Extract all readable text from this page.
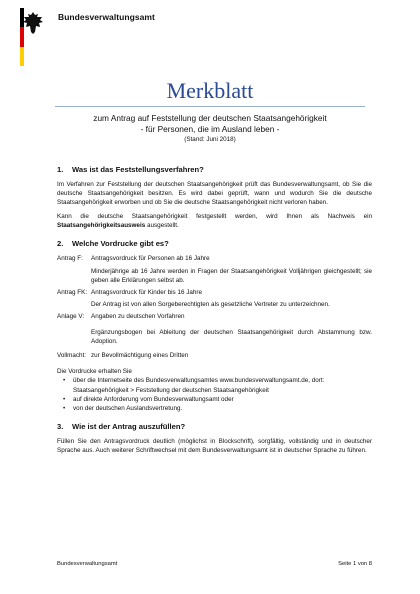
Bundesverwaltungsamt
Merkblatt
zum Antrag auf Feststellung der deutschen Staatsangehörigkeit
- für Personen, die im Ausland leben -
(Stand: Juni 2018)
1. Was ist das Feststellungsverfahren?

Im Verfahren zur Feststellung der deutschen Staatsangehörigkeit prüft das Bundesverwaltungsamt, ob Sie die deutsche Staatsangehörigkeit besitzen. Es wird dabei geprüft, wann und wodurch Sie die deutsche Staatsangehörigkeit erworben und ob Sie die deutsche Staatsangehörigkeit nicht verloren haben.

Kann die deutsche Staatsangehörigkeit festgestellt werden, wird Ihnen als Nachweis ein Staatsangehörigkeitsausweis ausgestellt.

2. Welche Vordrucke gibt es?
Antrag F:	Antragsvordruck für Personen ab 16 Jahre
Minderjährige ab 16 Jahre werden in Fragen der Staatsangehörigkeit Volljährigen gleichgestellt; sie geben alle Erklärungen selbst ab.
Antrag FK: Antragsvordruck für Kinder bis 16 Jahre
Der Antrag ist von allen Sorgeberechtigten als gesetzliche Vertreter zu unterzeichnen.
Anlage V:	Angaben zu deutschen Vorfahren
Ergänzungsbogen bei Ableitung der deutschen Staatsangehörigkeit durch Abstammung bzw. Adoption.
Vollmacht: zur Bevollmächtigung eines Dritten

Die Vordrucke erhalten Sie

• über die Internetseite des Bundesverwaltungsamtes www.bundesverwaltungsamt.de, dort: Staatsangehörigkeit > Feststellung der deutschen Staatsangehörigkeit
• auf direkte Anforderung vom Bundesverwaltungsamt oder
• von der deutschen Auslandsvertretung.
3. Wie ist der Antrag auszufüllen?

Füllen Sie den Antragsvordruck deutlich (möglichst in Blockschrift), sorgfältig, vollständig und in deutscher Sprache aus. Auch weiterer Schriftwechsel mit dem Bundesverwaltungsamt ist in deutscher Sprache zu führen.

Bundesverwaltungsamt	Seite 1 von 8
